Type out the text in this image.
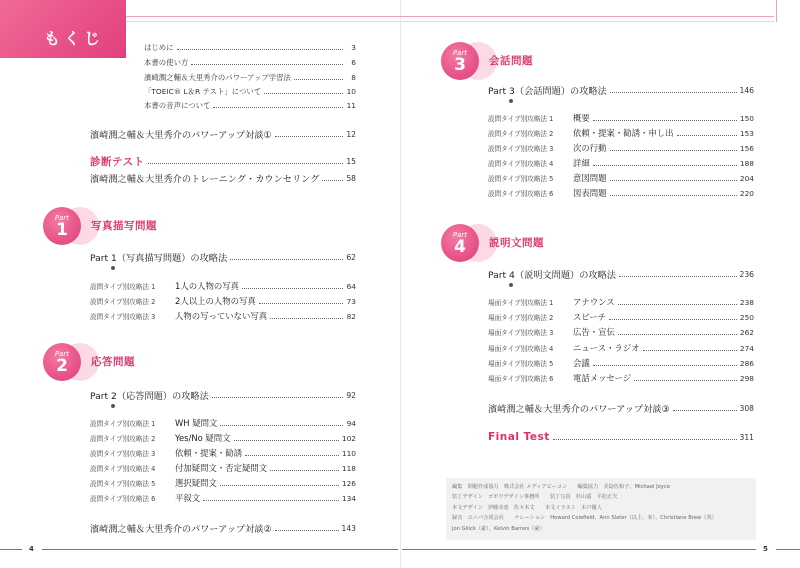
もくじ	はじめに	3
本書の使い方	6
濱崎潤之輔＆大里秀介のパワーアップ学習法	8
「TOEIC® L＆R テスト」について	10
本書の音声について	11
濱崎潤之輔＆大里秀介のパワーアップ対談①	12
診断テスト	15
濱崎潤之輔＆大里秀介のトレーニング・カウンセリング	58
Part
1 写真描写問題
Part 1（写真描写問題）の攻略法	62
設問タイプ別攻略法 1	1人の人物の写真	64
設問タイプ別攻略法 2	2人以上の人物の写真	73
設問タイプ別攻略法 3	人物の写っていない写真	82
Part
2 応答問題
Part 2（応答問題）の攻略法	92
設問タイプ別攻略法 1	WH 疑問文	94
設問タイプ別攻略法 2	Yes/No 疑問文	102
設問タイプ別攻略法 3	依頼・提案・勧誘	110
設問タイプ別攻略法 4	付加疑問文・否定疑問文	118
設問タイプ別攻略法 5	選択疑問文	126
設問タイプ別攻略法 6	平叙文	134
濱崎潤之輔＆大里秀介のパワーアップ対談②	143
Part
3 会話問題
Part 3（会話問題）の攻略法	146
設問タイプ別攻略法 1	概要	150
設問タイプ別攻略法 2	依頼・提案・勧誘・申し出	153
設問タイプ別攻略法 3	次の行動	156
設問タイプ別攻略法 4	詳細	188
設問タイプ別攻略法 5	意図問題	204
設問タイプ別攻略法 6	図表問題	220
Part
4 説明文問題
Part 4（説明文問題）の攻略法	236
場面タイプ別攻略法 1	アナウンス	238
場面タイプ別攻略法 2	スピーチ	250
場面タイプ別攻略法 3	広告・宣伝	262
場面タイプ別攻略法 4	ニュース・ラジオ	274
場面タイプ別攻略法 5	会議	286
場面タイプ別攻略法 6	電話メッセージ	298
濱崎潤之輔＆大里秀介のパワーアップ対談③	308
Final Test	311
編集　問題作成協力　株式会社 メディアビーコン　　編集協力　美島佐和子、Michael Joyce
装丁デザイン　ゴボウデザイン事務所　　装丁写真　杉山遥　平松正夫
本文デザイン　伊藤幸恵　佐々木丈　　本文イラスト　木戸優人
録音　ユニバ合同会社　　ナレーション　Howard Colefield、Ann Slater（以上、米）、Christiane Brew（英）
Jon Gilick（豪）、Kelvin Barnes（豪）
4	5
